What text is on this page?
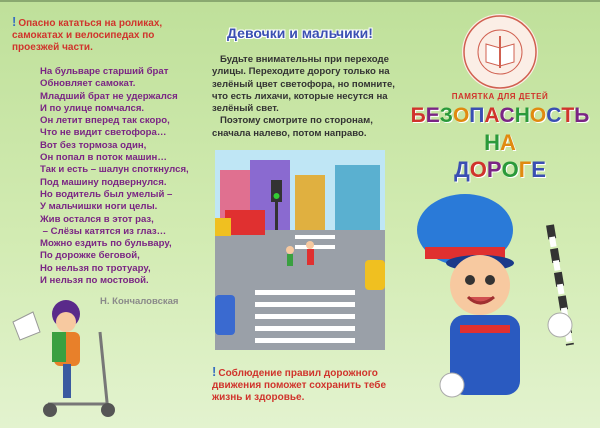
! Опасно кататься на роликах, самокатах и велосипедах по проезжей части.
На бульваре старший брат
Обновляет самокат.
Младший брат не удержался
И по улице помчался.
Он летит вперед так скоро,
Что не видит светофора…
Вот без тормоза один,
Он попал в поток машин…
Так и есть – шалун споткнулся,
Под машину подвернулся.
Но водитель был умелый –
У мальчишки ноги целы.
Жив остался в этот раз,
– Слёзы катятся из глаз…
Можно ездить по бульвару,
По дорожке беговой,
Но нельзя по тротуару,
И нельзя по мостовой.
Н. Кончаловская
Девочки и мальчики!

Будьте внимательны при переходе улицы. Переходите дорогу только на зелёный цвет светофора, но помните, что есть лихачи, которые несутся на зелёный свет.

Поэтому смотрите по сторонам, сначала налево, потом направо.

! Соблюдение правил дорожного движения поможет сохранить тебе жизнь и здоровье.
ПАМЯТКА ДЛЯ ДЕТЕЙ
БЕЗОПАСНОСТЬ
НА
ДОРОГЕ
